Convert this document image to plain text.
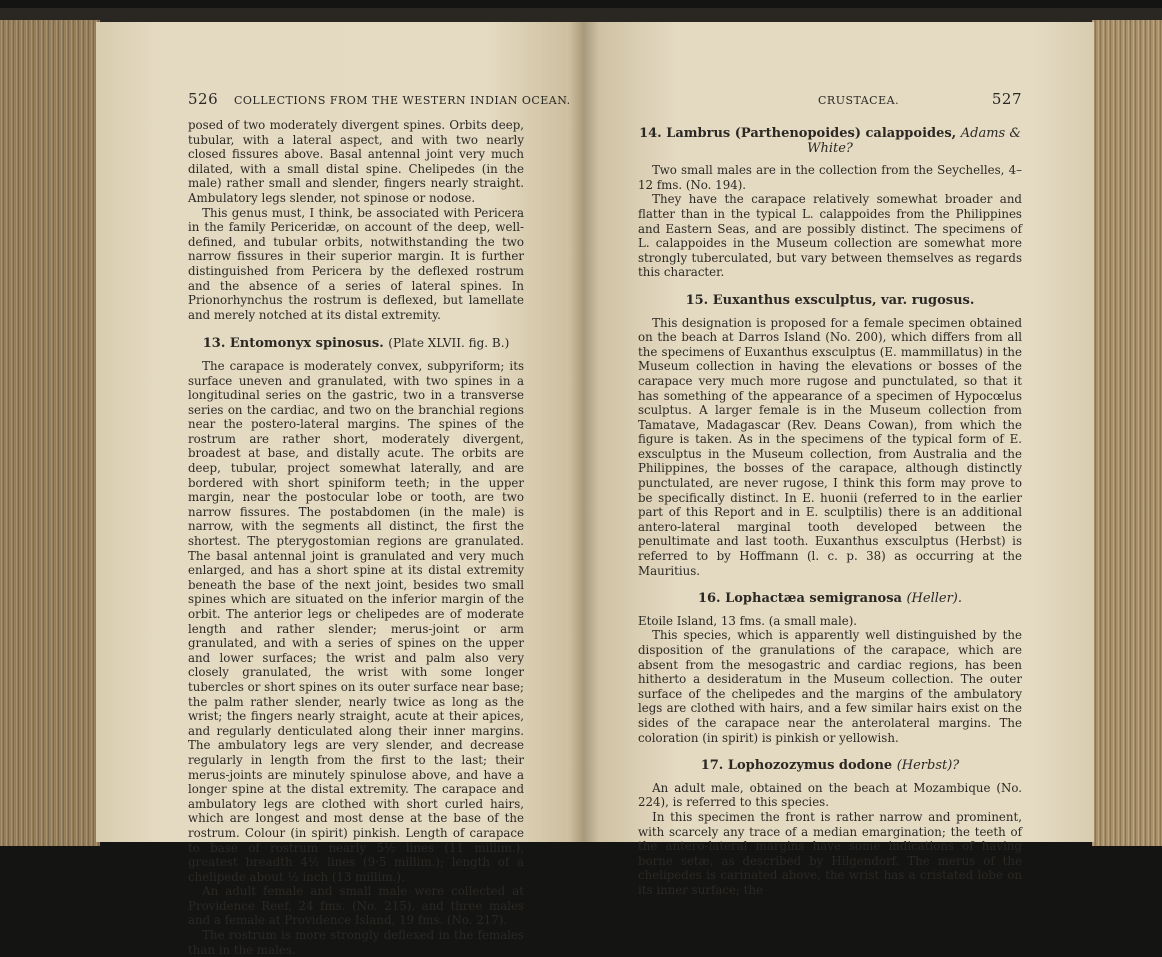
526 COLLECTIONS FROM THE WESTERN INDIAN OCEAN.

posed of two moderately divergent spines. Orbits deep, tubular, with a lateral aspect, and with two nearly closed fissures above. Basal antennal joint very much dilated, with a small distal spine. Chelipedes (in the male) rather small and slender, fingers nearly straight. Ambulatory legs slender, not spinose or nodose.

This genus must, I think, be associated with Pericera in the family Periceridæ, on account of the deep, well-defined, and tubular orbits, notwithstanding the two narrow fissures in their superior margin. It is further distinguished from Pericera by the deflexed rostrum and the absence of a series of lateral spines. In Prionorhynchus the rostrum is deflexed, but lamellate and merely notched at its distal extremity.

13. Entomonyx spinosus. (Plate XLVII. fig. B.)

The carapace is moderately convex, subpyriform; its surface uneven and granulated, with two spines in a longitudinal series on the gastric, two in a transverse series on the cardiac, and two on the branchial regions near the postero-lateral margins. The spines of the rostrum are rather short, moderately divergent, broadest at base, and distally acute. The orbits are deep, tubular, project somewhat laterally, and are bordered with short spiniform teeth; in the upper margin, near the postocular lobe or tooth, are two narrow fissures. The postabdomen (in the male) is narrow, with the segments all distinct, the first the shortest. The pterygostomian regions are granulated. The basal antennal joint is granulated and very much enlarged, and has a short spine at its distal extremity beneath the base of the next joint, besides two small spines which are situated on the inferior margin of the orbit. The anterior legs or chelipedes are of moderate length and rather slender; merus-joint or arm granulated, and with a series of spines on the upper and lower surfaces; the wrist and palm also very closely granulated, the wrist with some longer tubercles or short spines on its outer surface near base; the palm rather slender, nearly twice as long as the wrist; the fingers nearly straight, acute at their apices, and regularly denticulated along their inner margins. The ambulatory legs are very slender, and decrease regularly in length from the first to the last; their merus-joints are minutely spinulose above, and have a longer spine at the distal extremity. The carapace and ambulatory legs are clothed with short curled hairs, which are longest and most dense at the base of the rostrum. Colour (in spirit) pinkish. Length of carapace to base of rostrum nearly 5½ lines (11 millim.), greatest breadth 4½ lines (9·5 millim.); length of a chelipede about ½ inch (13 millim.).

An adult female and small male were collected at Providence Reef, 24 fms. (No. 215), and three males and a female at Providence Island, 19 fms. (No. 217).

The rostrum is more strongly deflexed in the females than in the males.

CRUSTACEA.	527
14. Lambrus (Parthenopoides) calappoides, Adams & White?

Two small males are in the collection from the Seychelles, 4–12 fms. (No. 194).

They have the carapace relatively somewhat broader and flatter than in the typical L. calappoides from the Philippines and Eastern Seas, and are possibly distinct. The specimens of L. calappoides in the Museum collection are somewhat more strongly tuberculated, but vary between themselves as regards this character.

15. Euxanthus exsculptus, var. rugosus.

This designation is proposed for a female specimen obtained on the beach at Darros Island (No. 200), which differs from all the specimens of Euxanthus exsculptus (E. mammillatus) in the Museum collection in having the elevations or bosses of the carapace very much more rugose and punctulated, so that it has something of the appearance of a specimen of Hypocœlus sculptus. A larger female is in the Museum collection from Tamatave, Madagascar (Rev. Deans Cowan), from which the figure is taken. As in the specimens of the typical form of E. exsculptus in the Museum collection, from Australia and the Philippines, the bosses of the carapace, although distinctly punctulated, are never rugose, I think this form may prove to be specifically distinct. In E. huonii (referred to in the earlier part of this Report and in E. sculptilis) there is an additional antero-lateral marginal tooth developed between the penultimate and last tooth. Euxanthus exsculptus (Herbst) is referred to by Hoffmann (l. c. p. 38) as occurring at the Mauritius.

16. Lophactæa semigranosa (Heller).

Etoile Island, 13 fms. (a small male).

This species, which is apparently well distinguished by the disposition of the granulations of the carapace, which are absent from the mesogastric and cardiac regions, has been hitherto a desideratum in the Museum collection. The outer surface of the chelipedes and the margins of the ambulatory legs are clothed with hairs, and a few similar hairs exist on the sides of the carapace near the anterolateral margins. The coloration (in spirit) is pinkish or yellowish.

17. Lophozozymus dodone (Herbst)?

An adult male, obtained on the beach at Mozambique (No. 224), is referred to this species.

In this specimen the front is rather narrow and prominent, with scarcely any trace of a median emargination; the teeth of the antero-lateral margins have some indications of having borne setæ, as described by Hilgendorf. The merus of the chelipedes is carinated above, the wrist has a cristated lobe on its inner surface; the
